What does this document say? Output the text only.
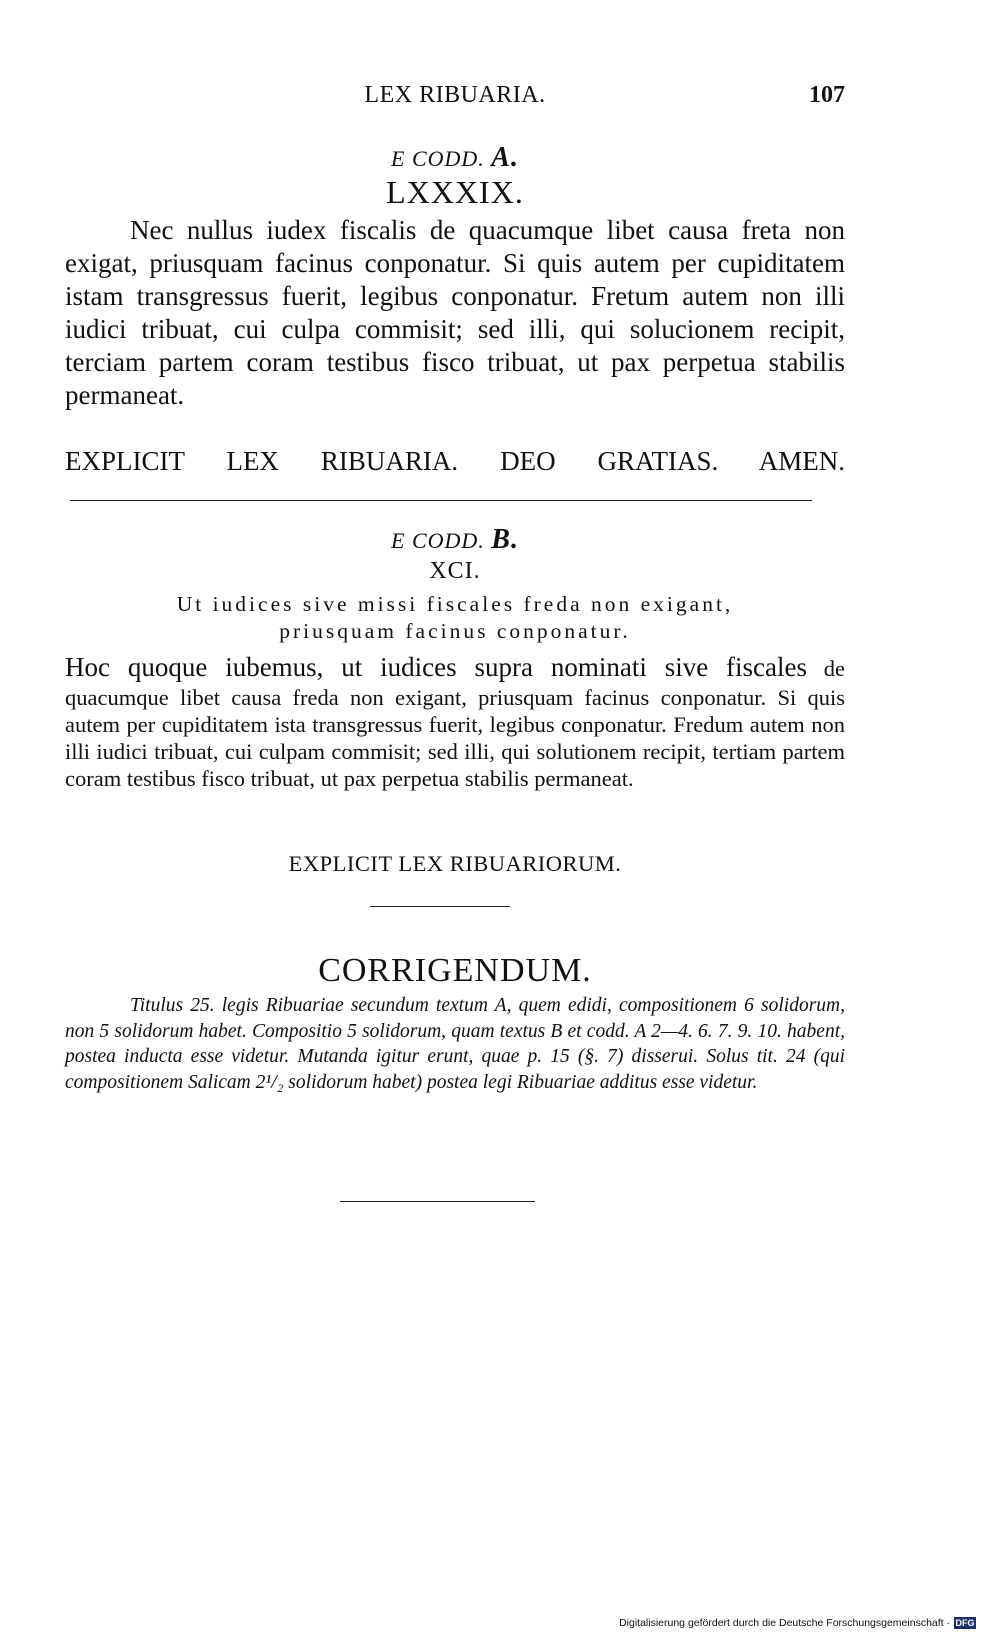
LEX RIBUARIA.	107
E CODD. A.
LXXXIX.

Nec nullus iudex fiscalis de quacumque libet causa freta non exigat, priusquam facinus conponatur. Si quis autem per cupiditatem istam transgressus fuerit, legibus conponatur. Fretum autem non illi iudici tribuat, cui culpa commisit; sed illi, qui solucionem recipit, terciam partem coram testibus fisco tribuat, ut pax perpetua stabilis permaneat.

EXPLICIT LEX RIBUARIA. DEO GRATIAS. AMEN.
E CODD. B.
XCI.
Ut iudices sive missi fiscales freda non exigant,
priusquam facinus conponatur.

Hoc quoque iubemus, ut iudices supra nominati sive fiscales de quacumque libet causa freda non exigant, priusquam facinus conponatur. Si quis autem per cupiditatem ista transgressus fuerit, legibus conponatur. Fredum autem non illi iudici tribuat, cui culpam commisit; sed illi, qui solutionem recipit, tertiam partem coram testibus fisco tribuat, ut pax perpetua stabilis permaneat.

EXPLICIT LEX RIBUARIORUM.
CORRIGENDUM.

Titulus 25. legis Ribuariae secundum textum A, quem edidi, compositionem 6 solidorum, non 5 solidorum habet. Compositio 5 solidorum, quam textus B et codd. A 2—4. 6. 7. 9. 10. habent, postea inducta esse videtur. Mutanda igitur erunt, quae p. 15 (§. 7) disserui. Solus tit. 24 (qui compositionem Salicam 2¹/₂ solidorum habet) postea legi Ribuariae additus esse videtur.

Digitalisierung gefördert durch die Deutsche Forschungsgemeinschaft · DFG
